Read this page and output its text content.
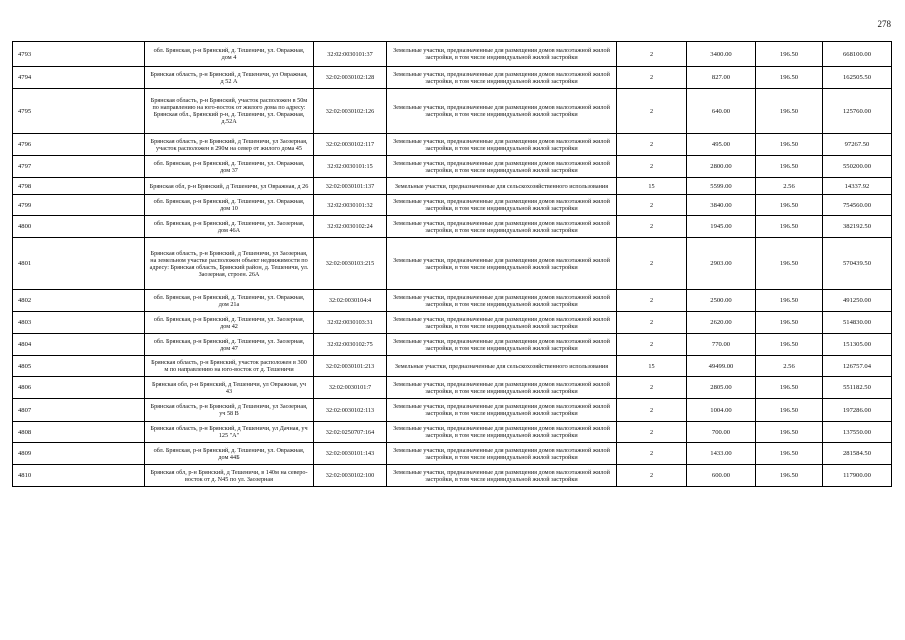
278
4793	обл. Брянская, р-н Брянский, д. Тешеничи, ул. Овражная, дом 4	32:02:0030101:37	Земельные участки, предназначенные для размещения домов малоэтажной жилой застройки, в том числе индивидуальной жилой застройки	2	3400.00	196.50	668100.00
4794	Брянская область, р-н Брянский, д Тешеничи, ул Овражная, д 52 А	32:02:0030102:128	Земельные участки, предназначенные для размещения домов малоэтажной жилой застройки, в том числе индивидуальной жилой застройки	2	827.00	196.50	162505.50
4795	Брянская область, р-н Брянский, участок расположен в 50м по направлению на юго-восток от жилого дома по адресу: Брянская обл., Брянский р-н, д. Тешеничи, ул. Овражная, д.52А	32:02:0030102:126	Земельные участки, предназначенные для размещения домов малоэтажной жилой застройки, в том числе индивидуальной жилой застройки	2	640.00	196.50	125760.00
4796	Брянская область, р-н Брянский, д Тешеничи, ул Заозерная, участок расположен в 290м на север от жилого дома 45	32:02:0030102:117	Земельные участки, предназначенные для размещения домов малоэтажной жилой застройки, в том числе индивидуальной жилой застройки	2	495.00	196.50	97267.50
4797	обл. Брянская, р-н Брянский, д. Тешеничи, ул. Овражная, дом 37	32:02:0030101:15	Земельные участки, предназначенные для размещения домов малоэтажной жилой застройки, в том числе индивидуальной жилой застройки	2	2800.00	196.50	550200.00
4798	Брянская обл, р-н Брянский, д Тешеничи, ул Овражная, д 26	32:02:0030101:137	Земельные участки, предназначенные для сельскохозяйственного использования	15	5599.00	2.56	14337.92
4799	обл. Брянская, р-н Брянский, д. Тешеничи, ул. Овражная, дом 10	32:02:0030101:32	Земельные участки, предназначенные для размещения домов малоэтажной жилой застройки, в том числе индивидуальной жилой застройки	2	3840.00	196.50	754560.00
4800	обл. Брянская, р-н Брянский, д. Тешеничи, ул. Заозерная, дом 46А	32:02:0030102:24	Земельные участки, предназначенные для размещения домов малоэтажной жилой застройки, в том числе индивидуальной жилой застройки	2	1945.00	196.50	382192.50
4801	Брянская область, р-н Брянский, д Тешеничи, ул Заозерная, на земельном участке расположен объект недвижимости по адресу: Брянская область, Брянский район, д. Тешеничи, ул. Заозерная, строен. 26А	32:02:0030103:215	Земельные участки, предназначенные для размещения домов малоэтажной жилой застройки, в том числе индивидуальной жилой застройки	2	2903.00	196.50	570439.50
4802	обл. Брянская, р-н Брянский, д. Тешеничи, ул. Овражная, дом 21а	32:02:0030104:4	Земельные участки, предназначенные для размещения домов малоэтажной жилой застройки, в том числе индивидуальной жилой застройки	2	2500.00	196.50	491250.00
4803	обл. Брянская, р-н Брянский, д. Тешеничи, ул. Заозерная, дом 42	32:02:0030103:31	Земельные участки, предназначенные для размещения домов малоэтажной жилой застройки, в том числе индивидуальной жилой застройки	2	2620.00	196.50	514830.00
4804	обл. Брянская, р-н Брянский, д. Тешеничи, ул. Заозерная, дом 47	32:02:0030102:75	Земельные участки, предназначенные для размещения домов малоэтажной жилой застройки, в том числе индивидуальной жилой застройки	2	770.00	196.50	151305.00
4805	Брянская область, р-н Брянский, участок расположен в 300 м по направлению на юго-восток от д. Тешеничи	32:02:0030101:213	Земельные участки, предназначенные для сельскохозяйственного использования	15	49499.00	2.56	126757.04
4806	Брянская обл, р-н Брянский, д Тешеничи, ул Овражная, уч 43	32:02:0030101:7	Земельные участки, предназначенные для размещения домов малоэтажной жилой застройки, в том числе индивидуальной жилой застройки	2	2805.00	196.50	551182.50
4807	Брянская область, р-н Брянский, д Тешеничи, ул Заозерная, уч 58 В	32:02:0030102:113	Земельные участки, предназначенные для размещения домов малоэтажной жилой застройки, в том числе индивидуальной жилой застройки	2	1004.00	196.50	197286.00
4808	Брянская область, р-н Брянский, д Тешеничи, ул Дачная, уч 125 "А"	32:02:0250707:164	Земельные участки, предназначенные для размещения домов малоэтажной жилой застройки, в том числе индивидуальной жилой застройки	2	700.00	196.50	137550.00
4809	обл. Брянская, р-н Брянский, д. Тешеничи, ул. Овражная, дом 44Б	32:02:0030101:143	Земельные участки, предназначенные для размещения домов малоэтажной жилой застройки, в том числе индивидуальной жилой застройки	2	1433.00	196.50	281584.50
4810	Брянская обл, р-н Брянский, д Тешеничи, в 140м на северо-восток от д. N45 по ул. Заозерная	32:02:0030102:100	Земельные участки, предназначенные для размещения домов малоэтажной жилой застройки, в том числе индивидуальной жилой застройки	2	600.00	196.50	117900.00
